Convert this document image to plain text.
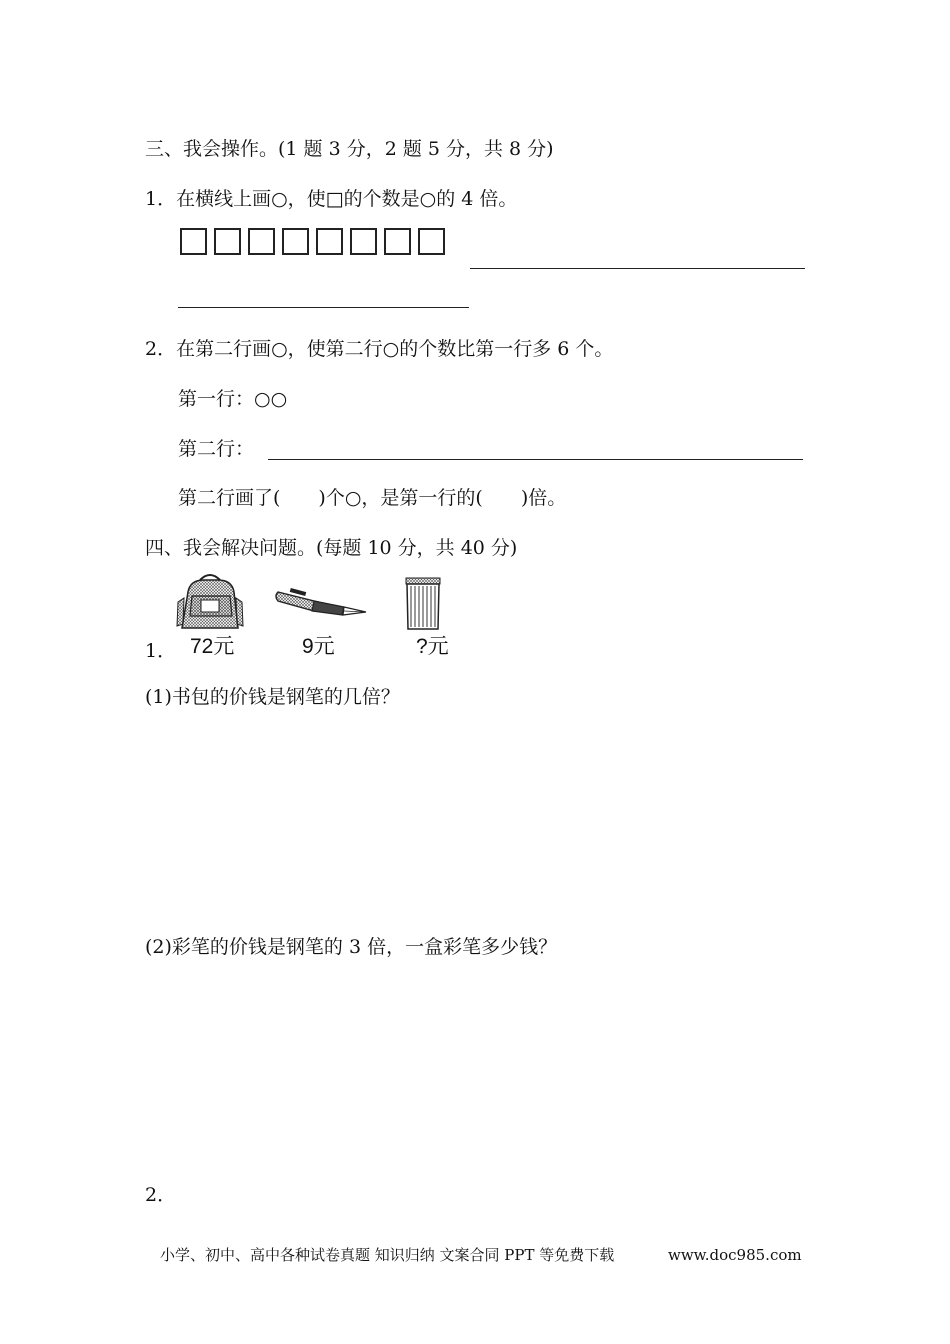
三、我会操作。(1 题 3 分，2 题 5 分，共 8 分)
1．在横线上画○，使□的个数是○的 4 倍。
2．在第二行画○，使第二行○的个数比第一行多 6 个。
第一行：○○
第二行：
第二行画了(　　)个○，是第一行的(　　)倍。
四、我会解决问题。(每题 10 分，共 40 分)
1． 72元	9元	?元
(1)书包的价钱是钢笔的几倍？
(2)彩笔的价钱是钢笔的 3 倍，一盒彩笔多少钱？
2．
小学、初中、高中各种试卷真题 知识归纳 文案合同 PPT 等免费下载	www.doc985.com
